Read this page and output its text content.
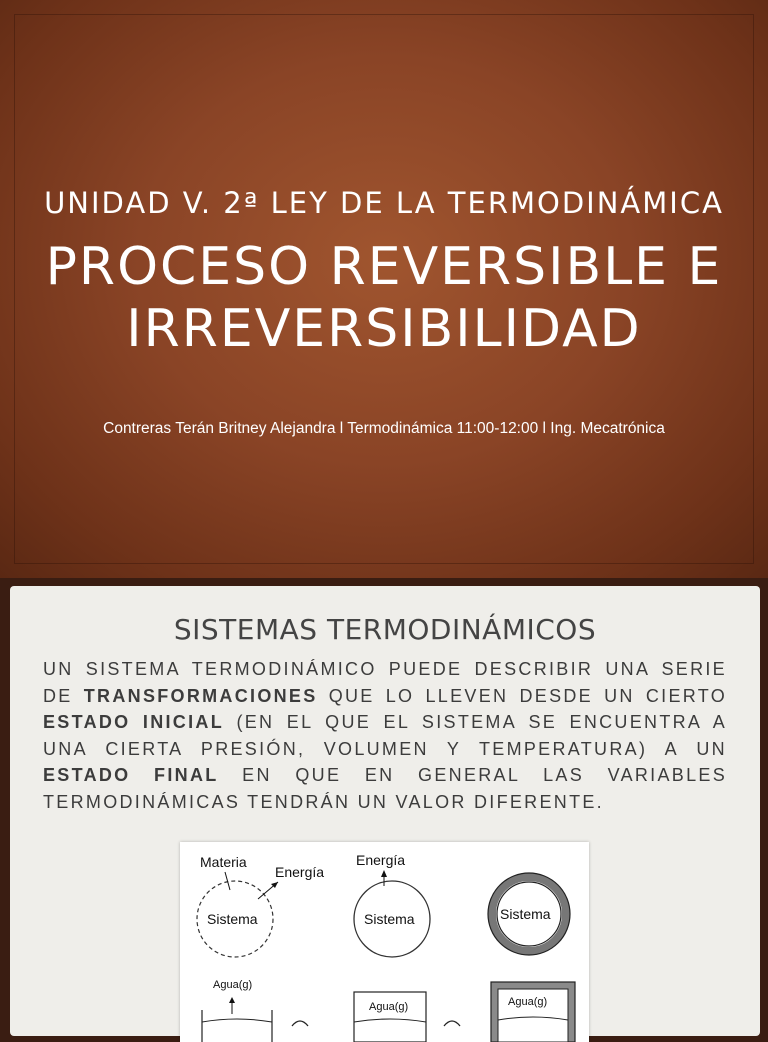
UNIDAD V. 2ª LEY DE LA TERMODINÁMICA
PROCESO REVERSIBLE E
IRREVERSIBILIDAD
Contreras Terán Britney Alejandra l Termodinámica 11:00-12:00 l Ing. Mecatrónica
SISTEMAS TERMODINÁMICOS
UN SISTEMA TERMODINÁMICO PUEDE DESCRIBIR UNA SERIE DE TRANSFORMACIONES QUE LO LLEVEN DESDE UN CIERTO ESTADO INICIAL (EN EL QUE EL SISTEMA SE ENCUENTRA A UNA CIERTA PRESIÓN, VOLUMEN Y TEMPERATURA) A UN ESTADO FINAL EN QUE EN GENERAL LAS VARIABLES TERMODINÁMICAS TENDRÁN UN VALOR DIFERENTE.
Materia
Energía
Sistema
Energía
Sistema	Sistema
Agua(g)
Agua(g)	Agua(g)
